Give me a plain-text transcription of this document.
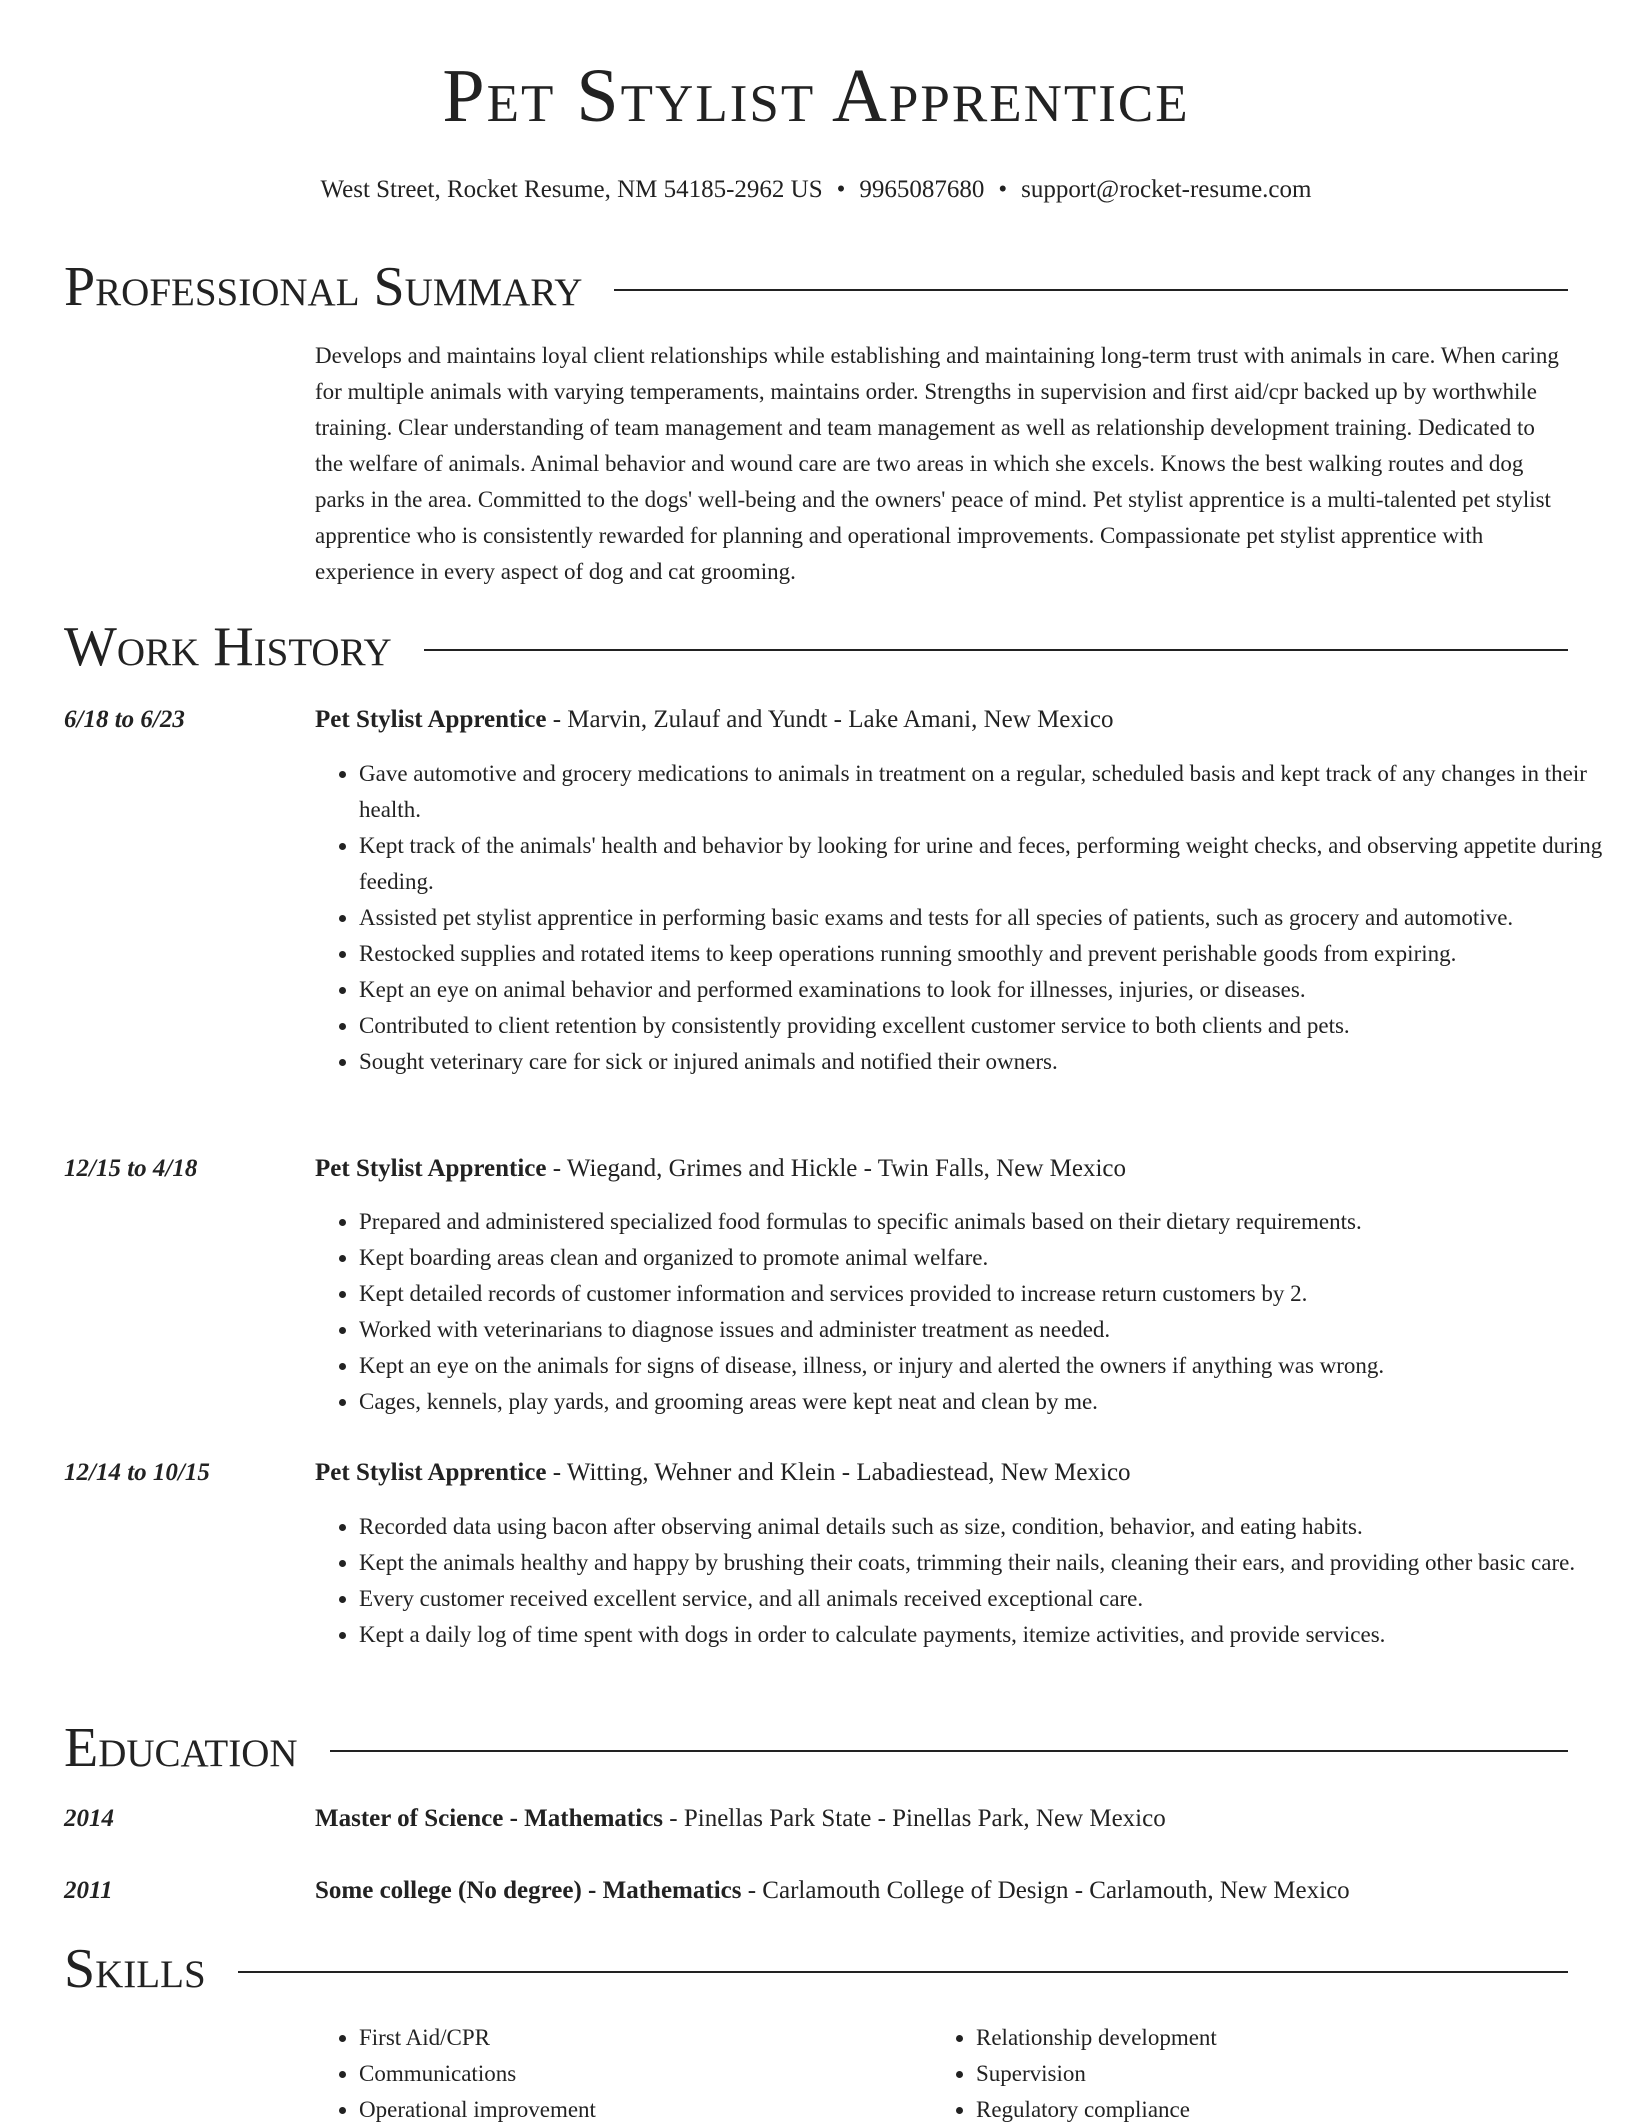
Pet Stylist Apprentice
West Street, Rocket Resume, NM 54185-2962 US • 9965087680 • support@rocket-resume.com
Professional Summary

Develops and maintains loyal client relationships while establishing and maintaining long-term trust with animals in care. When caring for multiple animals with varying temperaments, maintains order. Strengths in supervision and first aid/cpr backed up by worthwhile training. Clear understanding of team management and team management as well as relationship development training. Dedicated to the welfare of animals. Animal behavior and wound care are two areas in which she excels. Knows the best walking routes and dog parks in the area. Committed to the dogs' well-being and the owners' peace of mind. Pet stylist apprentice is a multi-talented pet stylist apprentice who is consistently rewarded for planning and operational improvements. Compassionate pet stylist apprentice with experience in every aspect of dog and cat grooming.

Work History
6/18 to 6/23	Pet Stylist Apprentice - Marvin, Zulauf and Yundt - Lake Amani, New Mexico
• Gave automotive and grocery medications to animals in treatment on a regular, scheduled basis and kept track of any changes in their health.
• Kept track of the animals' health and behavior by looking for urine and feces, performing weight checks, and observing appetite during feeding.
• Assisted pet stylist apprentice in performing basic exams and tests for all species of patients, such as grocery and automotive.
• Restocked supplies and rotated items to keep operations running smoothly and prevent perishable goods from expiring.
• Kept an eye on animal behavior and performed examinations to look for illnesses, injuries, or diseases.
• Contributed to client retention by consistently providing excellent customer service to both clients and pets.
• Sought veterinary care for sick or injured animals and notified their owners.
12/15 to 4/18	Pet Stylist Apprentice - Wiegand, Grimes and Hickle - Twin Falls, New Mexico
• Prepared and administered specialized food formulas to specific animals based on their dietary requirements.
• Kept boarding areas clean and organized to promote animal welfare.
• Kept detailed records of customer information and services provided to increase return customers by 2.
• Worked with veterinarians to diagnose issues and administer treatment as needed.
• Kept an eye on the animals for signs of disease, illness, or injury and alerted the owners if anything was wrong.
• Cages, kennels, play yards, and grooming areas were kept neat and clean by me.
12/14 to 10/15	Pet Stylist Apprentice - Witting, Wehner and Klein - Labadiestead, New Mexico
• Recorded data using bacon after observing animal details such as size, condition, behavior, and eating habits.
• Kept the animals healthy and happy by brushing their coats, trimming their nails, cleaning their ears, and providing other basic care.
• Every customer received excellent service, and all animals received exceptional care.
• Kept a daily log of time spent with dogs in order to calculate payments, itemize activities, and provide services.
Education
2014	Master of Science - Mathematics - Pinellas Park State - Pinellas Park, New Mexico
2011	Some college (No degree) - Mathematics - Carlamouth College of Design - Carlamouth, New Mexico
Skills
• First Aid/CPR
• Communications
• Operational improvement
• Relationship development
• Supervision
• Regulatory compliance
